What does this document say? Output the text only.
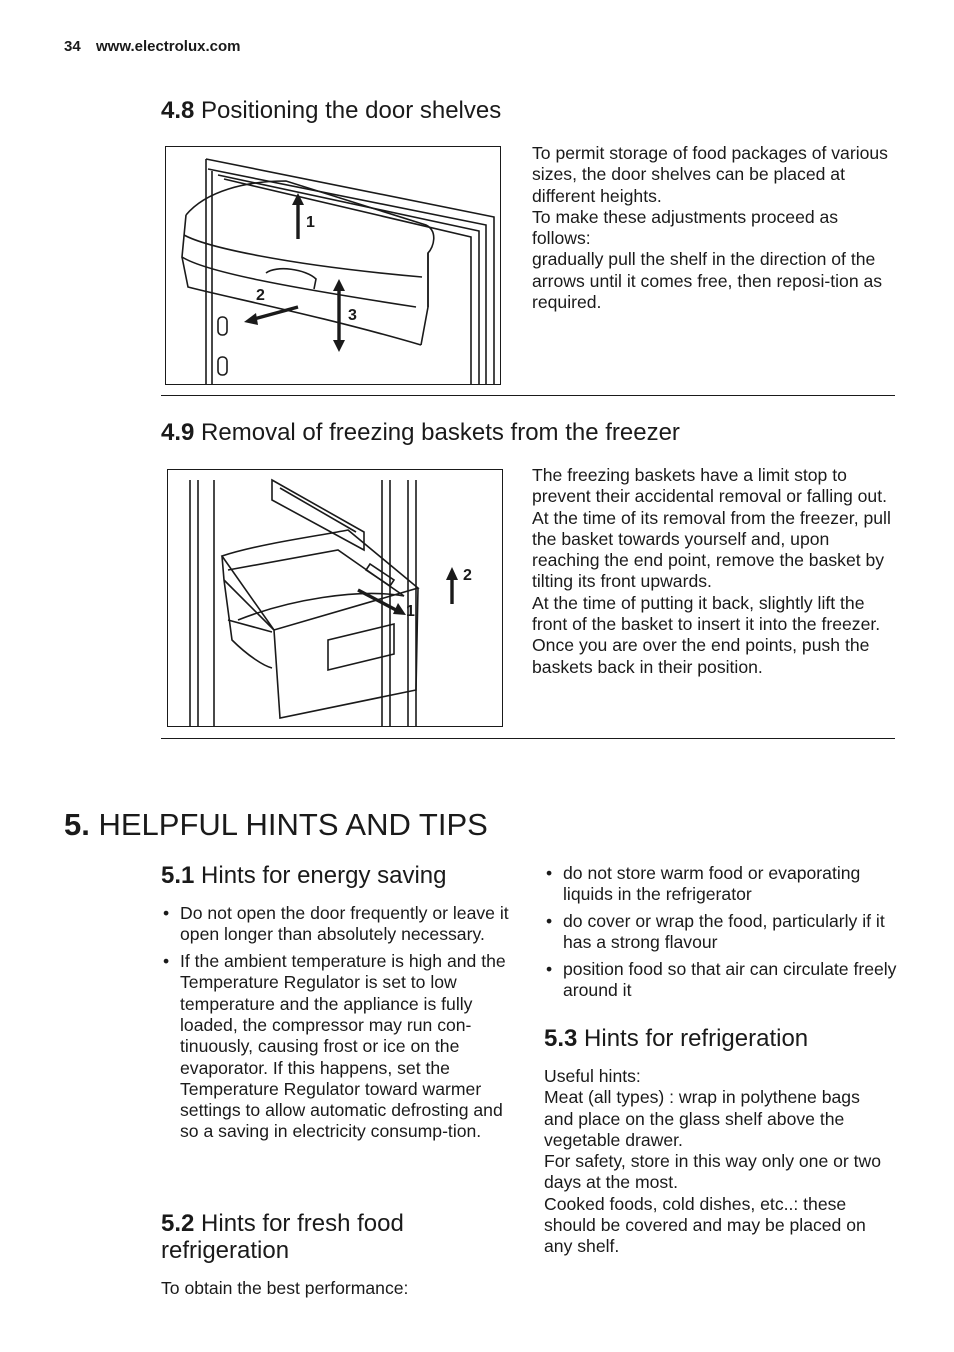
34 www.electrolux.com
4.8 Positioning the door shelves
1
2
3

To permit storage of food packages of various sizes, the door shelves can be placed at different heights.

To make these adjustments proceed as follows:

gradually pull the shelf in the direction of the arrows until it comes free, then reposi-tion as required.

4.9 Removal of freezing baskets from the freezer
2
1

The freezing baskets have a limit stop to prevent their accidental removal or falling out. At the time of its removal from the freezer, pull the basket towards yourself and, upon reaching the end point, remove the basket by tilting its front upwards.

At the time of putting it back, slightly lift the front of the basket to insert it into the freezer. Once you are over the end points, push the baskets back in their position.

5. HELPFUL HINTS AND TIPS
5.1 Hints for energy saving
• Do not open the door frequently or leave it open longer than absolutely necessary.
• If the ambient temperature is high and the Temperature Regulator is set to low temperature and the appliance is fully loaded, the compressor may run con-tinuously, causing frost or ice on the evaporator. If this happens, set the Temperature Regulator toward warmer settings to allow automatic defrosting and so a saving in electricity consump-tion.
5.2 Hints for fresh food
refrigeration
To obtain the best performance:
• do not store warm food or evaporating liquids in the refrigerator
• do cover or wrap the food, particularly if it has a strong flavour
• position food so that air can circulate freely around it
5.3 Hints for refrigeration

Useful hints:

Meat (all types) : wrap in polythene bags and place on the glass shelf above the vegetable drawer.

For safety, store in this way only one or two days at the most.

Cooked foods, cold dishes, etc..: these should be covered and may be placed on any shelf.
